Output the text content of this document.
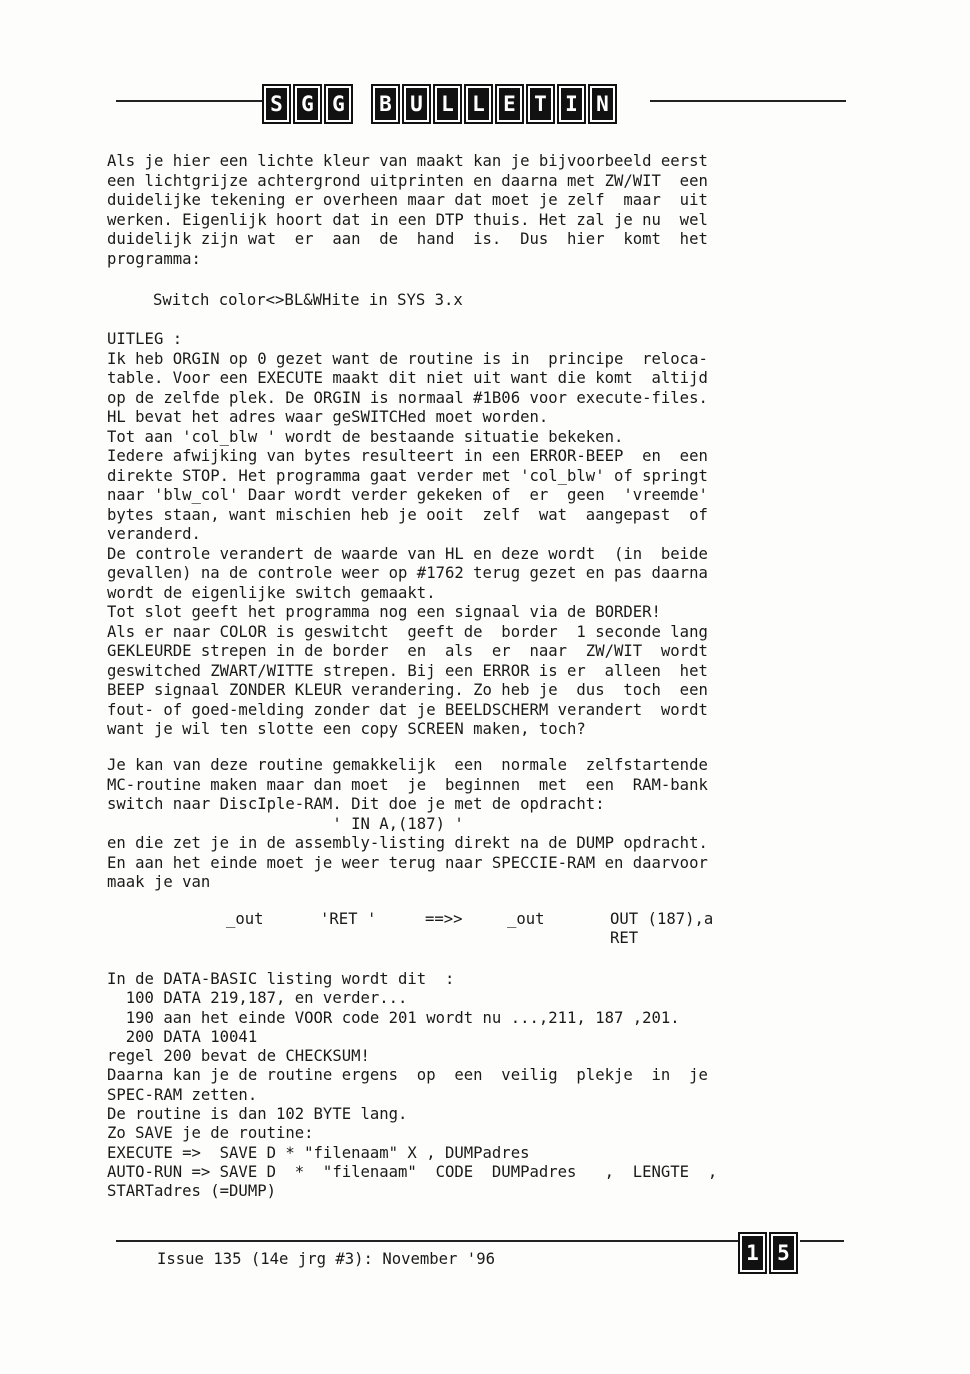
S G G	B U L L E T I N
Als je hier een lichte kleur van maakt kan je bijvoorbeeld eerst
een lichtgrijze achtergrond uitprinten en daarna met ZW/WIT  een
duidelijke tekening er overheen maar dat moet je zelf  maar  uit
werken. Eigenlijk hoort dat in een DTP thuis. Het zal je nu  wel
duidelijk zijn wat  er  aan  de  hand  is.  Dus  hier  komt  het
programma:
Switch color<>BL&WHite in SYS 3.x
UITLEG :
Ik heb ORGIN op 0 gezet want de routine is in  principe  reloca-
table. Voor een EXECUTE maakt dit niet uit want die komt  altijd
op de zelfde plek. De ORGIN is normaal #1B06 voor execute-files.
HL bevat het adres waar geSWITCHed moet worden.
Tot aan 'col_blw ' wordt de bestaande situatie bekeken.
Iedere afwijking van bytes resulteert in een ERROR-BEEP  en  een
direkte STOP. Het programma gaat verder met 'col_blw' of springt
naar 'blw_col' Daar wordt verder gekeken of  er  geen  'vreemde'
bytes staan, want mischien heb je ooit  zelf  wat  aangepast  of
veranderd.
De controle verandert de waarde van HL en deze wordt  (in  beide
gevallen) na de controle weer op #1762 terug gezet en pas daarna
wordt de eigenlijke switch gemaakt.
Tot slot geeft het programma nog een signaal via de BORDER!
Als er naar COLOR is geswitcht  geeft de  border  1 seconde lang
GEKLEURDE strepen in de border  en  als  er  naar  ZW/WIT  wordt
geswitched ZWART/WITTE strepen. Bij een ERROR is er  alleen  het
BEEP signaal ZONDER KLEUR verandering. Zo heb je  dus  toch  een
fout- of goed-melding zonder dat je BEELDSCHERM verandert  wordt
want je wil ten slotte een copy SCREEN maken, toch?
Je kan van deze routine gemakkelijk  een  normale  zelfstartende
MC-routine maken maar dan moet  je  beginnen  met  een  RAM-bank
switch naar DiscIple-RAM. Dit doe je met de opdracht:
' IN A,(187) '
en die zet je in de assembly-listing direkt na de DUMP opdracht.
En aan het einde moet je weer terug naar SPECCIE-RAM en daarvoor
maak je van
_out	'RET '	==>>	_out	OUT (187),a
RET
In de DATA-BASIC listing wordt dit  :
100 DATA 219,187, en verder...
190 aan het einde VOOR code 201 wordt nu ...,211, 187 ,201.
200 DATA 10041
regel 200 bevat de CHECKSUM!
Daarna kan je de routine ergens  op  een  veilig  plekje  in  je
SPEC-RAM zetten.
De routine is dan 102 BYTE lang.
Zo SAVE je de routine:
EXECUTE =>  SAVE D * "filenaam" X , DUMPadres
AUTO-RUN => SAVE D  *  "filenaam"  CODE  DUMPadres   ,  LENGTE  ,
STARTadres (=DUMP)
Issue 135 (14e jrg #3): November '96	1 5
